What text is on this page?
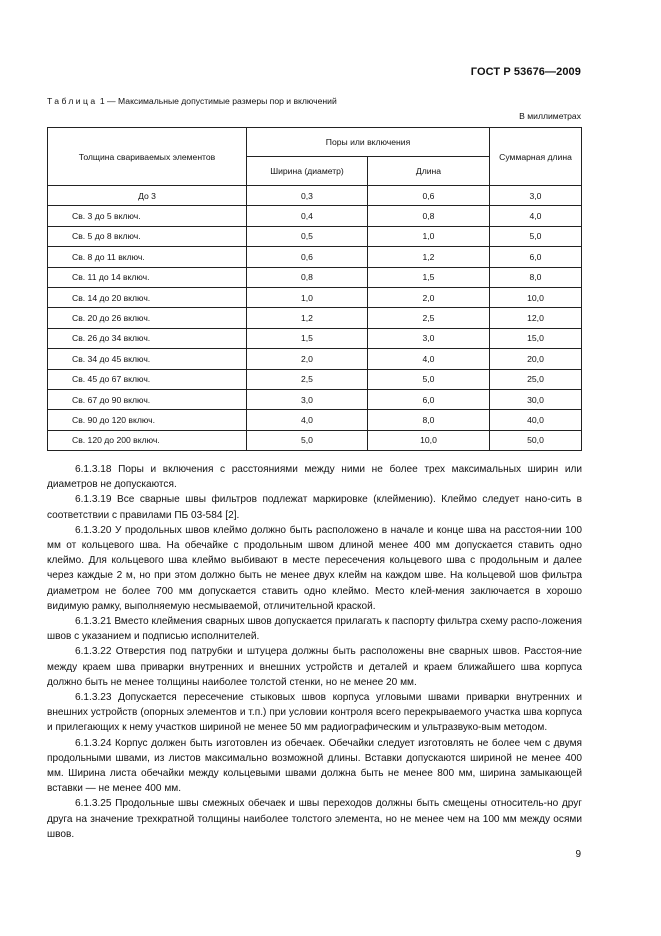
ГОСТ Р 53676—2009
Таблица 1 — Максимальные допустимые размеры пор и включений
В миллиметрах
Толщина свариваемых элементов	Поры или включения		Суммарная длина
	Ширина (диаметр)	Длина	
До 3	0,3	0,6	3,0
Св. 3 до 5 включ.	0,4	0,8	4,0
Св. 5 до 8 включ.	0,5	1,0	5,0
Св. 8 до 11 включ.	0,6	1,2	6,0
Св. 11 до 14 включ.	0,8	1,5	8,0
Св. 14 до 20 включ.	1,0	2,0	10,0
Св. 20 до 26 включ.	1,2	2,5	12,0
Св. 26 до 34 включ.	1,5	3,0	15,0
Св. 34 до 45 включ.	2,0	4,0	20,0
Св. 45 до 67 включ.	2,5	5,0	25,0
Св. 67 до 90 включ.	3,0	6,0	30,0
Св. 90 до 120 включ.	4,0	8,0	40,0
Св. 120 до 200 включ.	5,0	10,0	50,0

6.1.3.18 Поры и включения с расстояниями между ними не более трех максимальных ширин или диаметров не допускаются.

6.1.3.19 Все сварные швы фильтров подлежат маркировке (клеймению). Клеймо следует нано-сить в соответствии с правилами ПБ 03-584 [2].

6.1.3.20 У продольных швов клеймо должно быть расположено в начале и конце шва на расстоя-нии 100 мм от кольцевого шва. На обечайке с продольным швом длиной менее 400 мм допускается ставить одно клеймо. Для кольцевого шва клеймо выбивают в месте пересечения кольцевого шва с продольным и далее через каждые 2 м, но при этом должно быть не менее двух клейм на каждом шве. На кольцевой шов фильтра диаметром не более 700 мм допускается ставить одно клеймо. Место клей-мения заключается в хорошо видимую рамку, выполняемую несмываемой, отличительной краской.

6.1.3.21 Вместо клеймения сварных швов допускается прилагать к паспорту фильтра схему распо-ложения швов с указанием и подписью исполнителей.

6.1.3.22 Отверстия под патрубки и штуцера должны быть расположены вне сварных швов. Расстоя-ние между краем шва приварки внутренних и внешних устройств и деталей и краем ближайшего шва корпуса должно быть не менее толщины наиболее толстой стенки, но не менее 20 мм.

6.1.3.23 Допускается пересечение стыковых швов корпуса угловыми швами приварки внутренних и внешних устройств (опорных элементов и т.п.) при условии контроля всего перекрываемого участка шва корпуса и прилегающих к нему участков шириной не менее 50 мм радиографическим и ультразвуко-вым методом.

6.1.3.24 Корпус должен быть изготовлен из обечаек. Обечайки следует изготовлять не более чем с двумя продольными швами, из листов максимально возможной длины. Вставки допускаются шириной не менее 400 мм. Ширина листа обечайки между кольцевыми швами должна быть не менее 800 мм, ширина замыкающей вставки — не менее 400 мм.

6.1.3.25 Продольные швы смежных обечаек и швы переходов должны быть смещены относитель-но друг друга на значение трехкратной толщины наиболее толстого элемента, но не менее чем на 100 мм между осями швов.

9
